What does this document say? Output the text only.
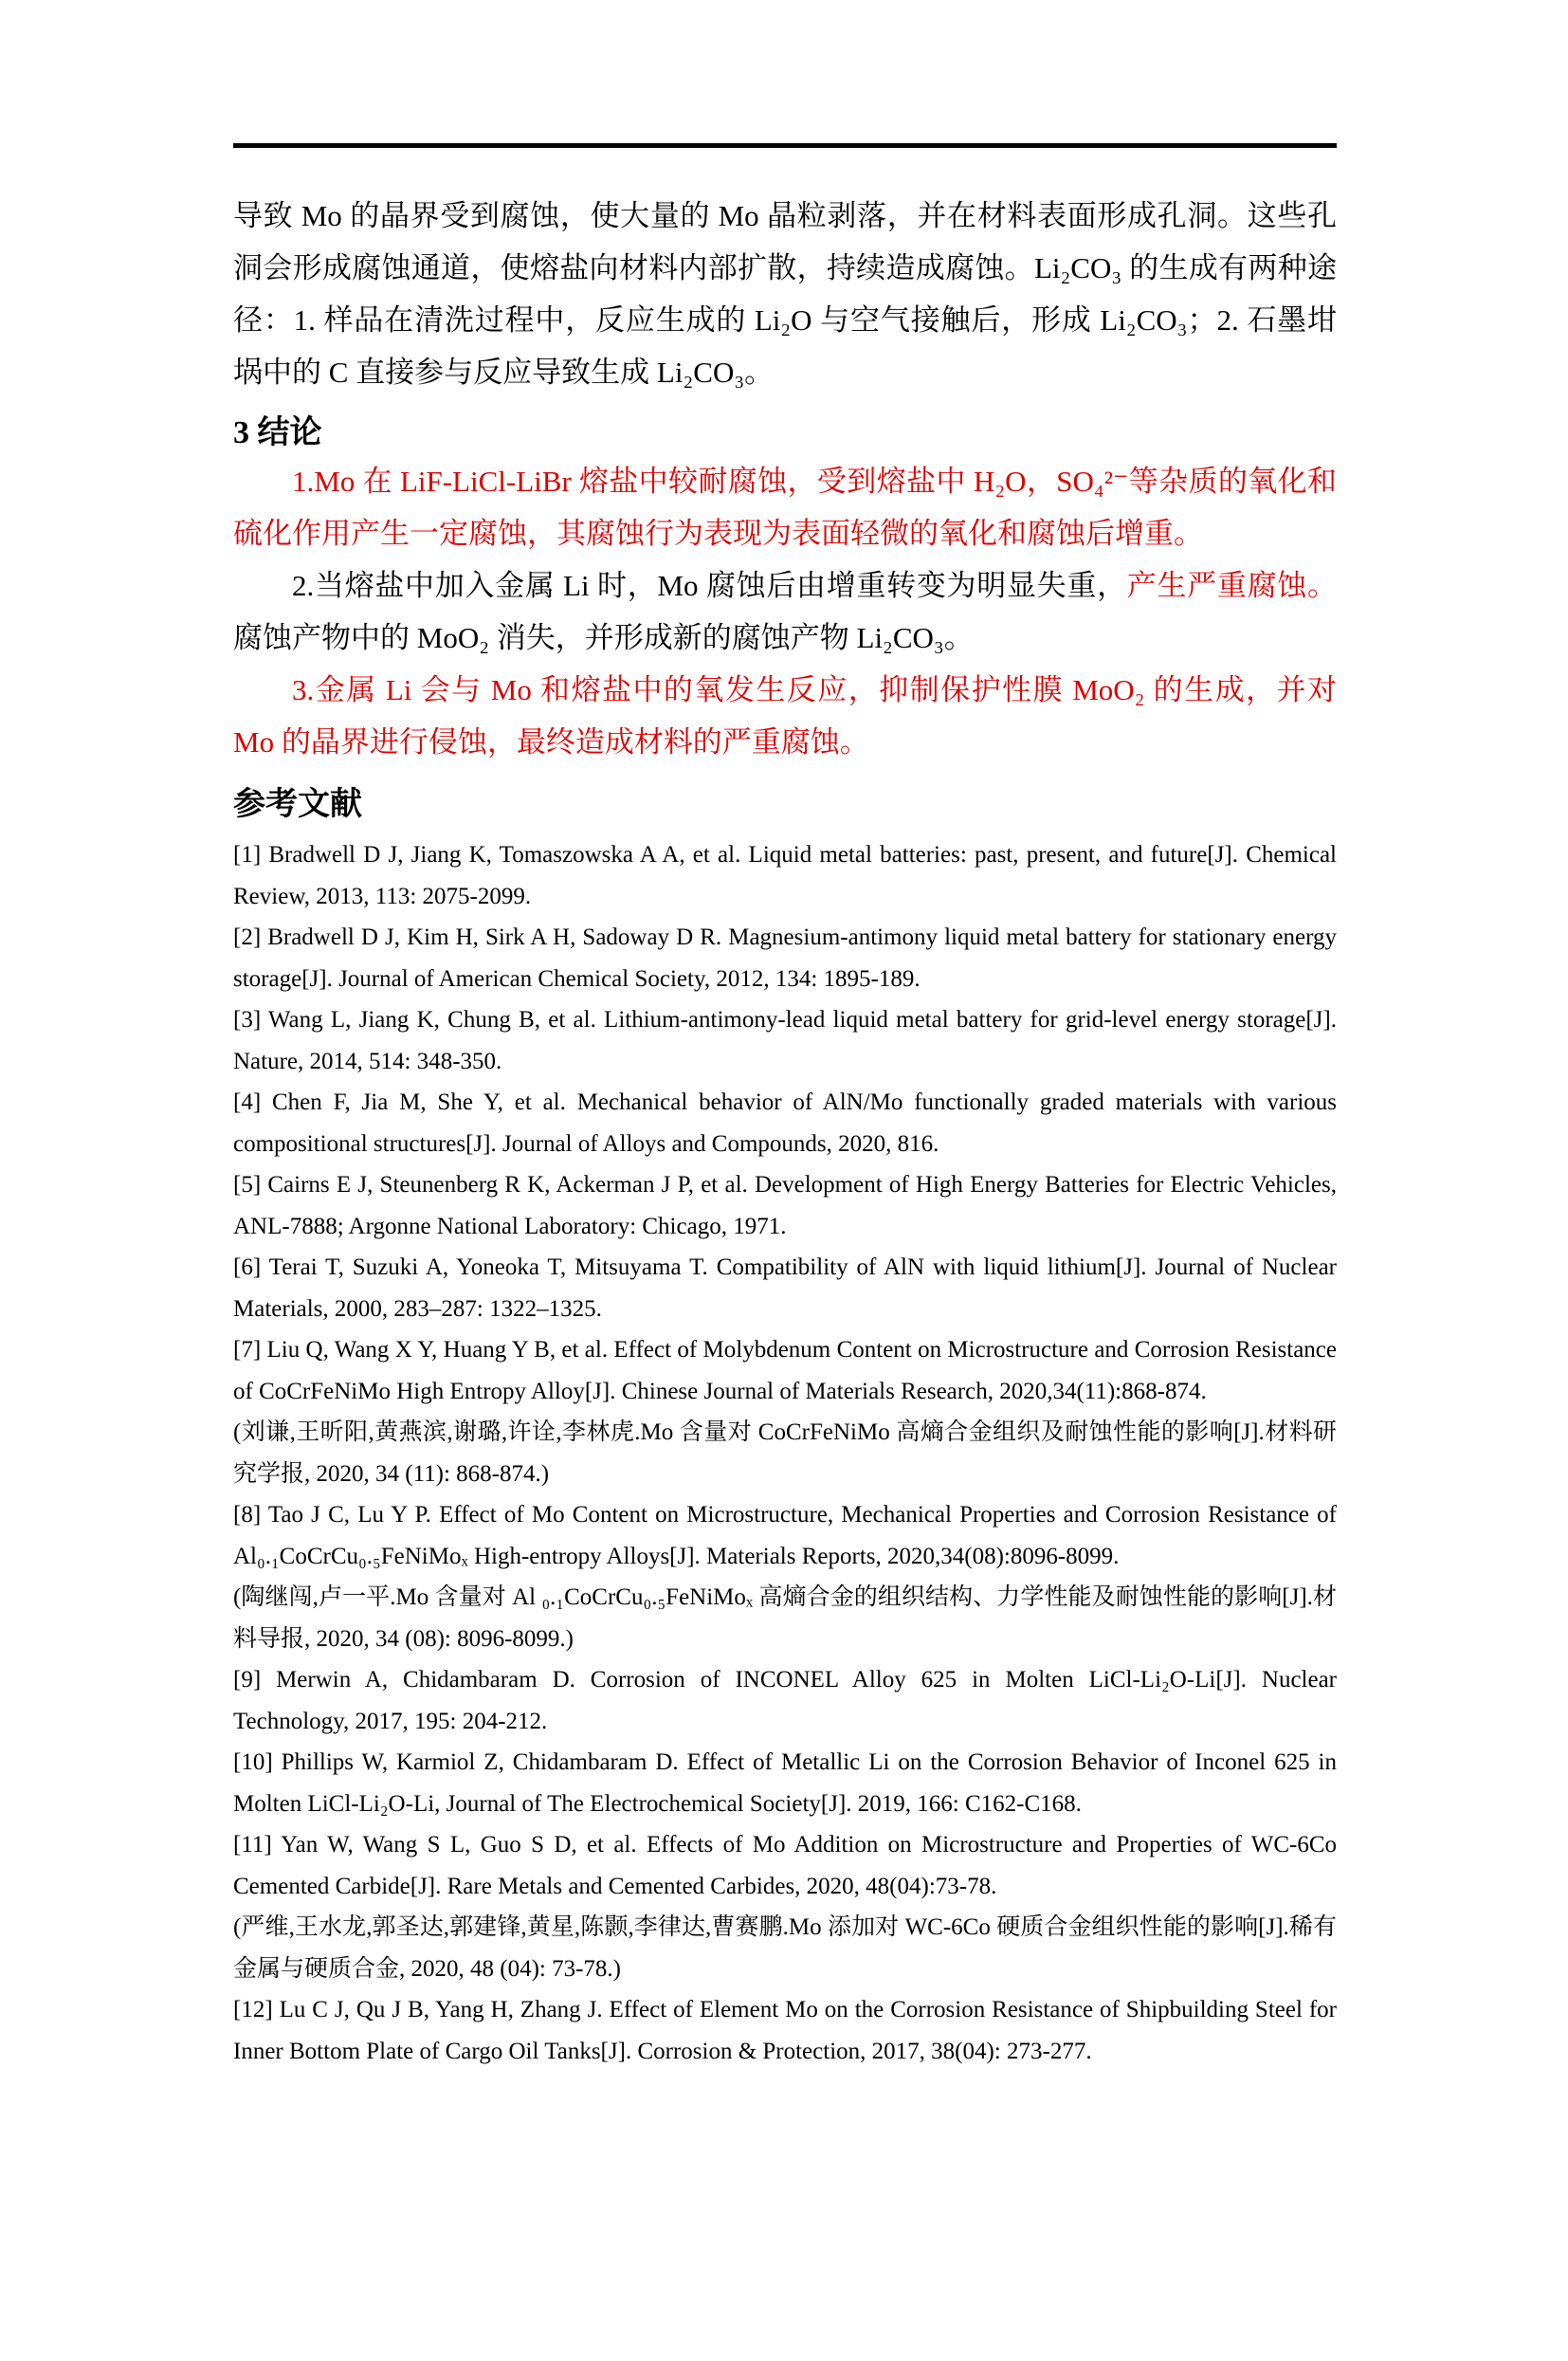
导致 Mo 的晶界受到腐蚀，使大量的 Mo 晶粒剥落，并在材料表面形成孔洞。这些孔洞会形成腐蚀通道，使熔盐向材料内部扩散，持续造成腐蚀。Li₂CO₃ 的生成有两种途径：1. 样品在清洗过程中，反应生成的 Li₂O 与空气接触后，形成 Li₂CO₃；2. 石墨坩埚中的 C 直接参与反应导致生成 Li₂CO₃。

3 结论

1.Mo 在 LiF-LiCl-LiBr 熔盐中较耐腐蚀，受到熔盐中 H₂O，SO₄²⁻等杂质的氧化和硫化作用产生一定腐蚀，其腐蚀行为表现为表面轻微的氧化和腐蚀后增重。

2.当熔盐中加入金属 Li 时，Mo 腐蚀后由增重转变为明显失重，产生严重腐蚀。腐蚀产物中的 MoO₂ 消失，并形成新的腐蚀产物 Li₂CO₃。

3.金属 Li 会与 Mo 和熔盐中的氧发生反应，抑制保护性膜 MoO₂ 的生成，并对 Mo 的晶界进行侵蚀，最终造成材料的严重腐蚀。

参考文献

[1] Bradwell D J, Jiang K, Tomaszowska A A, et al. Liquid metal batteries: past, present, and future[J]. Chemical Review, 2013, 113: 2075-2099.

[2] Bradwell D J, Kim H, Sirk A H, Sadoway D R. Magnesium-antimony liquid metal battery for stationary energy storage[J]. Journal of American Chemical Society, 2012, 134: 1895-189.

[3] Wang L, Jiang K, Chung B, et al. Lithium-antimony-lead liquid metal battery for grid-level energy storage[J]. Nature, 2014, 514: 348-350.

[4] Chen F, Jia M, She Y, et al. Mechanical behavior of AlN/Mo functionally graded materials with various compositional structures[J]. Journal of Alloys and Compounds, 2020, 816.

[5] Cairns E J, Steunenberg R K, Ackerman J P, et al. Development of High Energy Batteries for Electric Vehicles, ANL-7888; Argonne National Laboratory: Chicago, 1971.

[6] Terai T, Suzuki A, Yoneoka T, Mitsuyama T. Compatibility of AlN with liquid lithium[J]. Journal of Nuclear Materials, 2000, 283–287: 1322–1325.

[7] Liu Q, Wang X Y, Huang Y B, et al. Effect of Molybdenum Content on Microstructure and Corrosion Resistance of CoCrFeNiMo High Entropy Alloy[J]. Chinese Journal of Materials Research, 2020,34(11):868-874.

(刘谦,王昕阳,黄燕滨,谢璐,许诠,李林虎.Mo 含量对 CoCrFeNiMo 高熵合金组织及耐蚀性能的影响[J].材料研究学报, 2020, 34 (11): 868-874.)

[8] Tao J C, Lu Y P. Effect of Mo Content on Microstructure, Mechanical Properties and Corrosion Resistance of Al₀.₁CoCrCu₀.₅FeNiMoₓ High-entropy Alloys[J]. Materials Reports, 2020,34(08):8096-8099.

(陶继闯,卢一平.Mo 含量对 Al ₀.₁CoCrCu₀.₅FeNiMoₓ 高熵合金的组织结构、力学性能及耐蚀性能的影响[J].材料导报, 2020, 34 (08): 8096-8099.)

[9] Merwin A, Chidambaram D. Corrosion of INCONEL Alloy 625 in Molten LiCl-Li₂O-Li[J]. Nuclear Technology, 2017, 195: 204-212.

[10] Phillips W, Karmiol Z, Chidambaram D. Effect of Metallic Li on the Corrosion Behavior of Inconel 625 in Molten LiCl-Li₂O-Li, Journal of The Electrochemical Society[J]. 2019, 166: C162-C168.

[11] Yan W, Wang S L, Guo S D, et al. Effects of Mo Addition on Microstructure and Properties of WC-6Co Cemented Carbide[J]. Rare Metals and Cemented Carbides, 2020, 48(04):73-78.

(严维,王水龙,郭圣达,郭建锋,黄星,陈颢,李律达,曹赛鹏.Mo 添加对 WC-6Co 硬质合金组织性能的影响[J].稀有金属与硬质合金, 2020, 48 (04): 73-78.)

[12] Lu C J, Qu J B, Yang H, Zhang J. Effect of Element Mo on the Corrosion Resistance of Shipbuilding Steel for Inner Bottom Plate of Cargo Oil Tanks[J]. Corrosion & Protection, 2017, 38(04): 273-277.
